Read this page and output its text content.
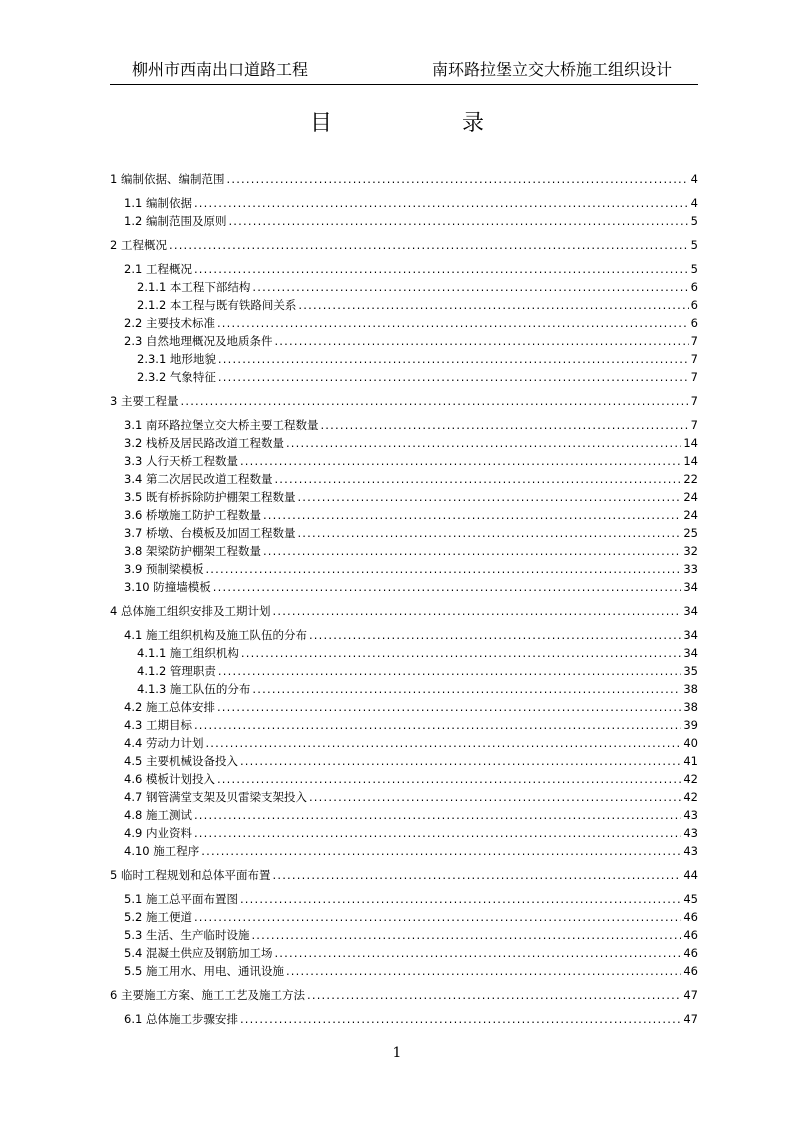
柳州市西南出口道路工程	南环路拉堡立交大桥施工组织设计
目	录
1 编制依据、编制范围 .....	4
1.1 编制依据 .....	4
1.2 编制范围及原则 .....	5
2 工程概况 .....	5
2.1 工程概况 .....	5
2.1.1 本工程下部结构 .....	6
2.1.2 本工程与既有铁路间关系 .....	6
2.2 主要技术标准 .....	6
2.3 自然地理概况及地质条件 .....	7
2.3.1 地形地貌 .....	7
2.3.2 气象特征 .....	7
3 主要工程量 .....	7
3.1 南环路拉堡立交大桥主要工程数量 .....	7
3.2 栈桥及居民路改道工程数量 .....	14
3.3 人行天桥工程数量 .....	14
3.4 第二次居民改道工程数量 .....	22
3.5 既有桥拆除防护棚架工程数量 .....	24
3.6 桥墩施工防护工程数量 .....	24
3.7 桥墩、台模板及加固工程数量 .....	25
3.8 架梁防护棚架工程数量 .....	32
3.9 预制梁模板 .....	33
3.10 防撞墙模板 .....	34
4 总体施工组织安排及工期计划 .....	34
4.1 施工组织机构及施工队伍的分布 .....	34
4.1.1 施工组织机构 .....	34
4.1.2 管理职责 .....	35
4.1.3 施工队伍的分布 .....	38
4.2 施工总体安排 .....	38
4.3 工期目标 .....	39
4.4 劳动力计划 .....	40
4.5 主要机械设备投入 .....	41
4.6 模板计划投入 .....	42
4.7 钢管满堂支架及贝雷梁支架投入 .....	42
4.8 施工测试 .....	43
4.9 内业资料 .....	43
4.10 施工程序 .....	43
5 临时工程规划和总体平面布置 .....	44
5.1 施工总平面布置图 .....	45
5.2 施工便道 .....	46
5.3 生活、生产临时设施 .....	46
5.4 混凝土供应及钢筋加工场 .....	46
5.5 施工用水、用电、通讯设施 .....	46
6 主要施工方案、施工工艺及施工方法 .....	47
6.1 总体施工步骤安排 .....	47
1
